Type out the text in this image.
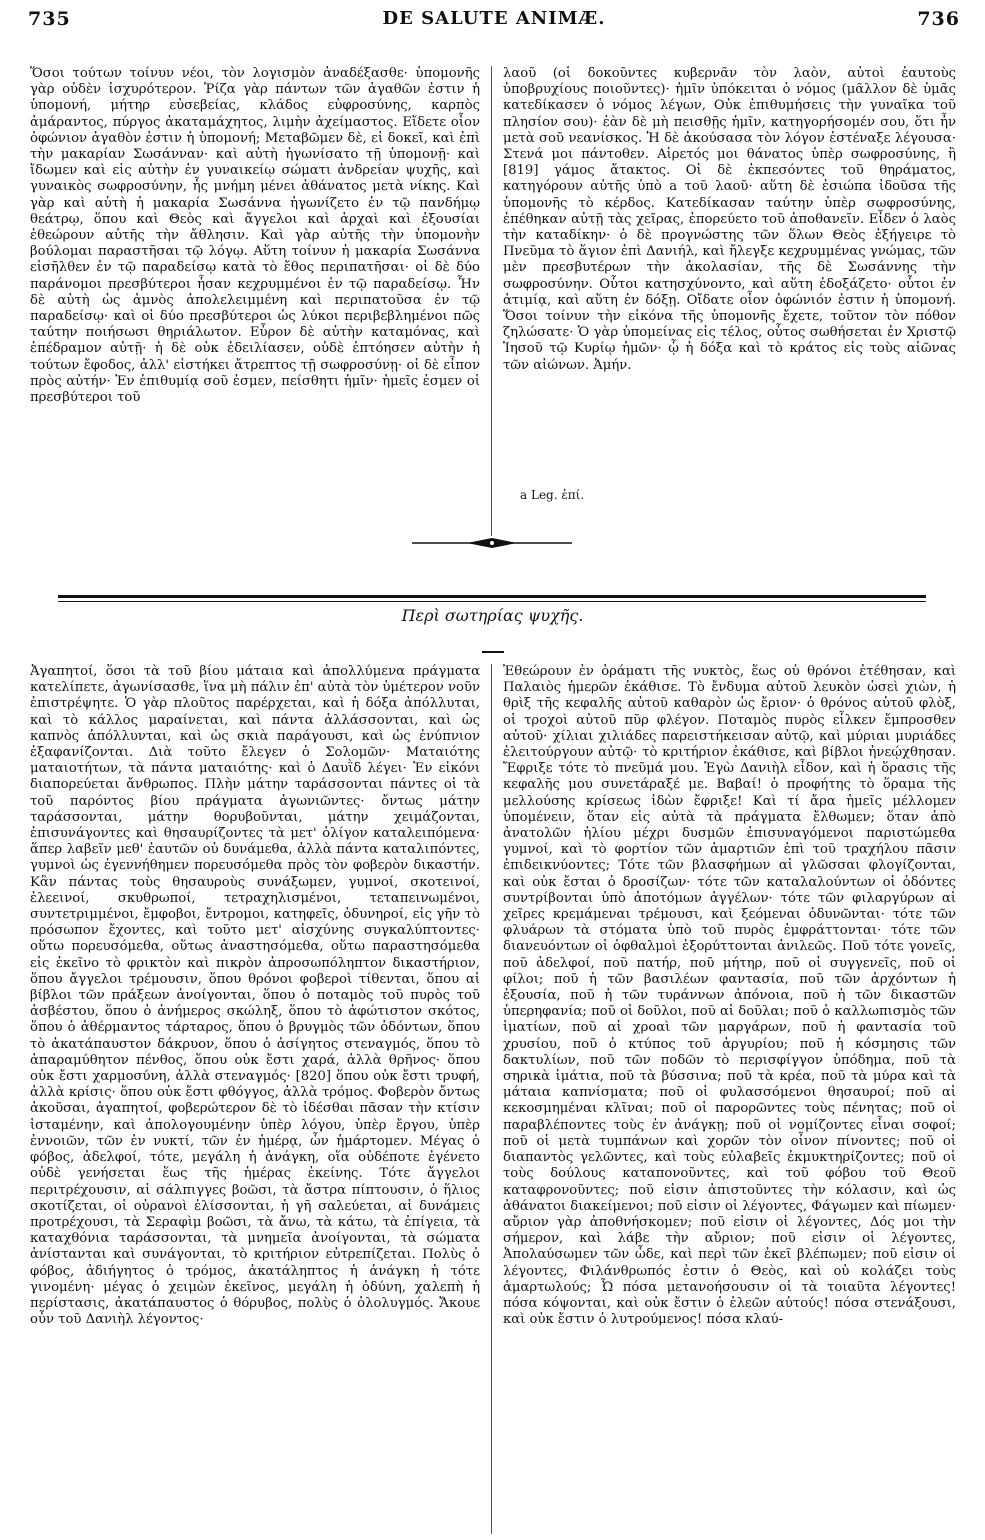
DE SALUTE ANIMÆ.
735	736

Ὅσοι τούτων τοίνυν νέοι, τὸν λογισμὸν ἀναδέξασθε· ὑπομονῆς γὰρ οὐδὲν ἰσχυρότερον. Ῥίζα γὰρ πάντων τῶν ἀγαθῶν ἐστιν ἡ ὑπομονή, μήτηρ εὐσεβείας, κλάδος εὐφροσύνης, καρπὸς ἀμάραντος, πύργος ἀκαταμάχητος, λιμὴν ἀχείμαστος. Εἴδετε οἷον ὀφώνιον ἀγαθὸν ἐστιν ἡ ὑπομονή; Μεταβῶμεν δὲ, εἰ δοκεῖ, καὶ ἐπὶ τὴν μακαρίαν Σωσάνναν· καὶ αὐτὴ ἠγωνίσατο τῇ ὑπομονῇ· καὶ ἴδωμεν καὶ εἰς αὐτὴν ἐν γυναικείῳ σώματι ἀνδρείαν ψυχῆς, καὶ γυναικὸς σωφροσύνην, ἧς μνήμη μένει ἀθάνατος μετὰ νίκης. Καὶ γὰρ καὶ αὐτὴ ἡ μακαρία Σωσάννα ἠγωνίζετο ἐν τῷ πανδήμῳ θεάτρῳ, ὅπου καὶ Θεὸς καὶ ἄγγελοι καὶ ἀρχαὶ καὶ ἐξουσίαι ἐθεώρουν αὐτῆς τὴν ἄθλησιν. Καὶ γὰρ αὐτῆς τὴν ὑπομονὴν βούλομαι παραστῆσαι τῷ λόγῳ. Αὕτη τοίνυν ἡ μακαρία Σωσάννα εἰσῆλθεν ἐν τῷ παραδείσῳ κατὰ τὸ ἔθος περιπατῆσαι· οἱ δὲ δύο παράνομοι πρεσβύτεροι ἦσαν κεχρυμμένοι ἐν τῷ παραδείσῳ. Ἦν δὲ αὐτὴ ὡς ἀμνὸς ἀπολελειμμένη καὶ περιπατοῦσα ἐν τῷ παραδείσῳ· καὶ οἱ δύο πρεσβύτεροι ὡς λύκοι περιβεβλημένοι πῶς ταύτην ποιήσωσι θηριάλωτον. Εὗρον δὲ αὐτὴν καταμόνας, καὶ ἐπέδραμον αὐτῇ· ἡ δὲ οὐκ ἐδειλίασεν, οὐδὲ ἐπτόησεν αὐτὴν ἡ τούτων ἔφοδος, ἀλλ' εἱστήκει ἄτρεπτος τῇ σωφροσύνῃ· οἱ δὲ εἶπον πρὸς αὐτήν· Ἐν ἐπιθυμίᾳ σοῦ ἐσμεν, πείσθητι ἡμῖν· ἡμεῖς ἐσμεν οἱ πρεσβύτεροι τοῦ

λαοῦ (οἱ δοκοῦντες κυβερνᾶν τὸν λαὸν, αὐτοὶ ἑαυτοὺς ὑποβρυχίους ποιοῦντες)· ἡμῖν ὑπόκειται ὁ νόμος (μᾶλλον δὲ ὑμᾶς κατεδίκασεν ὁ νόμος λέγων, Οὐκ ἐπιθυμήσεις τὴν γυναῖκα τοῦ πλησίον σου)· ἐὰν δὲ μὴ πεισθῇς ἡμῖν, κατηγορήσομέν σου, ὅτι ἦν μετὰ σοῦ νεανίσκος. Ἡ δὲ ἀκούσασα τὸν λόγον ἐστέναξε λέγουσα· Στενά μοι πάντοθεν. Αἱρετός μοι θάνατος ὑπὲρ σωφροσύνης, ἢ [819] γάμος ἄτακτος. Οἱ δὲ ἐκπεσόντες τοῦ θηράματος, κατηγόρουν αὐτῆς ὑπὸ a τοῦ λαοῦ· αὕτη δὲ ἐσιώπα ἰδοῦσα τῆς ὑπομονῆς τὸ κέρδος. Κατεδίκασαν ταύτην ὑπὲρ σωφροσύνης, ἐπέθηκαν αὐτῇ τὰς χεῖρας, ἐπορεύετο τοῦ ἀποθανεῖν. Εἶδεν ὁ λαὸς τὴν καταδίκην· ὁ δὲ προγνώστης τῶν ὅλων Θεὸς ἐξήγειρε τὸ Πνεῦμα τὸ ἅγιον ἐπὶ Δανιήλ, καὶ ἤλεγξε κεχρυμμένας γνώμας, τῶν μὲν πρεσβυτέρων τὴν ἀκολασίαν, τῆς δὲ Σωσάννης τὴν σωφροσύνην. Οὗτοι κατησχύνοντο, καὶ αὕτη ἐδοξάζετο· οὗτοι ἐν ἀτιμίᾳ, καὶ αὕτη ἐν δόξῃ. Οἴδατε οἷον ὀφώνιόν ἐστιν ἡ ὑπομονή. Ὅσοι τοίνυν τὴν εἰκόνα τῆς ὑπομονῆς ἔχετε, τοῦτον τὸν πόθον ζηλώσατε· Ὁ γὰρ ὑπομείνας εἰς τέλος, οὗτος σωθήσεται ἐν Χριστῷ Ἰησοῦ τῷ Κυρίῳ ἡμῶν· ᾧ ἡ δόξα καὶ τὸ κράτος εἰς τοὺς αἰῶνας τῶν αἰώνων. Ἀμήν.

a Leg. ἐπί.
Περὶ σωτηρίας ψυχῆς.

Ἀγαπητοί, ὅσοι τὰ τοῦ βίου μάταια καὶ ἀπολλύμενα πράγματα κατελίπετε, ἀγωνίσασθε, ἵνα μὴ πάλιν ἐπ' αὐτὰ τὸν ὑμέτερον νοῦν ἐπιστρέψητε. Ὁ γὰρ πλοῦτος παρέρχεται, καὶ ἡ δόξα ἀπόλλυται, καὶ τὸ κάλλος μαραίνεται, καὶ πάντα ἀλλάσσονται, καὶ ὡς καπνὸς ἀπόλλυνται, καὶ ὡς σκιὰ παράγουσι, καὶ ὡς ἐνύπνιον ἐξαφανίζονται. Διὰ τοῦτο ἔλεγεν ὁ Σολομῶν· Ματαιότης ματαιοτήτων, τὰ πάντα ματαιότης· καὶ ὁ Δαυῒδ λέγει· Ἐν εἰκόνι διαπορεύεται ἄνθρωπος. Πλὴν μάτην ταράσσονται πάντες οἱ τὰ τοῦ παρόντος βίου πράγματα ἀγωνιῶντες· ὄντως μάτην ταράσσονται, μάτην θορυβοῦνται, μάτην χειμάζονται, ἐπισυνάγοντες καὶ θησαυρίζοντες τὰ μετ' ὀλίγον καταλειπόμενα· ἅπερ λαβεῖν μεθ' ἑαυτῶν οὐ δυνάμεθα, ἀλλὰ πάντα καταλιπόντες, γυμνοὶ ὡς ἐγεννήθημεν πορευσόμεθα πρὸς τὸν φοβερὸν δικαστήν. Κἂν πάντας τοὺς θησαυροὺς συνάξωμεν, γυμνοί, σκοτεινοί, ἐλεεινοί, σκυθρωποί, τετραχηλισμένοι, τεταπεινωμένοι, συντετριμμένοι, ἔμφοβοι, ἔντρομοι, κατηφεῖς, ὀδυνηροί, εἰς γῆν τὸ πρόσωπον ἔχοντες, καὶ τοῦτο μετ' αἰσχύνης συγκαλύπτοντες· οὕτω πορευσόμεθα, οὕτως ἀναστησόμεθα, οὕτω παραστησόμεθα εἰς ἐκεῖνο τὸ φρικτὸν καὶ πικρὸν ἀπροσωπόληπτον δικαστήριον, ὅπου ἄγγελοι τρέμουσιν, ὅπου θρόνοι φοβεροὶ τίθενται, ὅπου αἱ βίβλοι τῶν πράξεων ἀνοίγονται, ὅπου ὁ ποταμὸς τοῦ πυρὸς τοῦ ἀσβέστου, ὅπου ὁ ἀνήμερος σκώληξ, ὅπου τὸ ἀφώτιστον σκότος, ὅπου ὁ ἀθέρμαντος τάρταρος, ὅπου ὁ βρυγμὸς τῶν ὀδόντων, ὅπου τὸ ἀκατάπαυστον δάκρυον, ὅπου ὁ ἀσίγητος στεναγμός, ὅπου τὸ ἀπαραμύθητον πένθος, ὅπου οὐκ ἔστι χαρά, ἀλλὰ θρῆνος· ὅπου οὐκ ἔστι χαρμοσύνη, ἀλλὰ στεναγμός· [820] ὅπου οὐκ ἔστι τρυφή, ἀλλὰ κρίσις· ὅπου οὐκ ἔστι φθόγγος, ἀλλὰ τρόμος. Φοβερὸν ὄντως ἀκοῦσαι, ἀγαπητοί, φοβερώτερον δὲ τὸ ἰδέσθαι πᾶσαν τὴν κτίσιν ἱσταμένην, καὶ ἀπολογουμένην ὑπὲρ λόγου, ὑπὲρ ἔργου, ὑπὲρ ἐννοιῶν, τῶν ἐν νυκτί, τῶν ἐν ἡμέρᾳ, ὧν ἡμάρτομεν. Μέγας ὁ φόβος, ἀδελφοί, τότε, μεγάλη ἡ ἀνάγκη, οἵα οὐδέποτε ἐγένετο οὐδὲ γενήσεται ἕως τῆς ἡμέρας ἐκείνης. Τότε ἄγγελοι περιτρέχουσιν, αἱ σάλπιγγες βοῶσι, τὰ ἄστρα πίπτουσιν, ὁ ἥλιος σκοτίζεται, οἱ οὐρανοὶ ἑλίσσονται, ἡ γῆ σαλεύεται, αἱ δυνάμεις προτρέχουσι, τὰ Σεραφὶμ βοῶσι, τὰ ἄνω, τὰ κάτω, τὰ ἐπίγεια, τὰ καταχθόνια ταράσσονται, τὰ μνημεῖα ἀνοίγονται, τὰ σώματα ἀνίστανται καὶ συνάγονται, τὸ κριτήριον εὐτρεπίζεται. Πολὺς ὁ φόβος, ἀδιήγητος ὁ τρόμος, ἀκατάληπτος ἡ ἀνάγκη ἡ τότε γινομένη· μέγας ὁ χειμὼν ἐκεῖνος, μεγάλη ἡ ὀδύνη, χαλεπὴ ἡ περίστασις, ἀκατάπαυστος ὁ θόρυβος, πολὺς ὁ ὀλολυγμός. Ἄκουε οὖν τοῦ Δανιὴλ λέγοντος·

Ἐθεώρουν ἐν ὁράματι τῆς νυκτὸς, ἕως οὗ θρόνοι ἐτέθησαν, καὶ Παλαιὸς ἡμερῶν ἐκάθισε. Τὸ ἔνδυμα αὐτοῦ λευκὸν ὡσεὶ χιὼν, ἡ θρὶξ τῆς κεφαλῆς αὐτοῦ καθαρὸν ὡς ἔριον· ὁ θρόνος αὐτοῦ φλὸξ, οἱ τροχοὶ αὐτοῦ πῦρ φλέγον. Ποταμὸς πυρὸς εἷλκεν ἔμπροσθεν αὐτοῦ· χίλιαι χιλιάδες παρειστήκεισαν αὐτῷ, καὶ μύριαι μυριάδες ἐλειτούργουν αὐτῷ· τὸ κριτήριον ἐκάθισε, καὶ βίβλοι ἠνεῴχθησαν. Ἔφριξε τότε τὸ πνεῦμά μου. Ἐγὼ Δανιὴλ εἶδον, καὶ ἡ ὅρασις τῆς κεφαλῆς μου συνετάραξέ με. Βαβαί! ὁ προφήτης τὸ ὅραμα τῆς μελλούσης κρίσεως ἰδὼν ἔφριξε! Καὶ τί ἄρα ἡμεῖς μέλλομεν ὑπομένειν, ὅταν εἰς αὐτὰ τὰ πράγματα ἔλθωμεν; ὅταν ἀπὸ ἀνατολῶν ἡλίου μέχρι δυσμῶν ἐπισυναγόμενοι παριστώμεθα γυμνοί, καὶ τὸ φορτίον τῶν ἁμαρτιῶν ἐπὶ τοῦ τραχήλου πᾶσιν ἐπιδεικνύοντες; Τότε τῶν βλασφήμων αἱ γλῶσσαι φλογίζονται, καὶ οὐκ ἔσται ὁ δροσίζων· τότε τῶν καταλαλούντων οἱ ὀδόντες συντρίβονται ὑπὸ ἀποτόμων ἀγγέλων· τότε τῶν φιλαργύρων αἱ χεῖρες κρεμάμεναι τρέμουσι, καὶ ξεόμεναι ὀδυνῶνται· τότε τῶν φλυάρων τὰ στόματα ὑπὸ τοῦ πυρὸς ἐμφράττονται· τότε τῶν διανευόντων οἱ ὀφθαλμοὶ ἐξορύττονται ἀνιλεῶς. Ποῦ τότε γονεῖς, ποῦ ἀδελφοί, ποῦ πατήρ, ποῦ μήτηρ, ποῦ οἱ συγγενεῖς, ποῦ οἱ φίλοι; ποῦ ἡ τῶν βασιλέων φαντασία, ποῦ τῶν ἀρχόντων ἡ ἐξουσία, ποῦ ἡ τῶν τυράννων ἀπόνοια, ποῦ ἡ τῶν δικαστῶν ὑπερηφανία; ποῦ οἱ δοῦλοι, ποῦ αἱ δοῦλαι; ποῦ ὁ καλλωπισμὸς τῶν ἱματίων, ποῦ αἱ χροαὶ τῶν μαργάρων, ποῦ ἡ φαντασία τοῦ χρυσίου, ποῦ ὁ κτύπος τοῦ ἀργυρίου; ποῦ ἡ κόσμησις τῶν δακτυλίων, ποῦ τῶν ποδῶν τὸ περισφίγγον ὑπόδημα, ποῦ τὰ σηρικὰ ἱμάτια, ποῦ τὰ βύσσινα; ποῦ τὰ κρέα, ποῦ τὰ μύρα καὶ τὰ μάταια καπνίσματα; ποῦ οἱ φυλασσόμενοι θησαυροί; ποῦ αἱ κεκοσμημέναι κλῖναι; ποῦ οἱ παρορῶντες τοὺς πένητας; ποῦ οἱ παραβλέποντες τοὺς ἐν ἀνάγκῃ; ποῦ οἱ νομίζοντες εἶναι σοφοί; ποῦ οἱ μετὰ τυμπάνων καὶ χορῶν τὸν οἶνον πίνοντες; ποῦ οἱ διαπαντὸς γελῶντες, καὶ τοὺς εὐλαβεῖς ἐκμυκτηρίζοντες; ποῦ οἱ τοὺς δούλους καταπονοῦντες, καὶ τοῦ φόβου τοῦ Θεοῦ καταφρονοῦντες; ποῦ εἰσιν ἀπιστοῦντες τὴν κόλασιν, καὶ ὡς ἀθάνατοι διακείμενοι; ποῦ εἰσιν οἱ λέγοντες, Φάγωμεν καὶ πίωμεν· αὔριον γὰρ ἀποθνήσκομεν; ποῦ εἰσιν οἱ λέγοντες, Δός μοι τὴν σήμερον, καὶ λάβε τὴν αὔριον; ποῦ εἰσιν οἱ λέγοντες, Ἀπολαύσωμεν τῶν ὧδε, καὶ περὶ τῶν ἐκεῖ βλέπωμεν; ποῦ εἰσιν οἱ λέγοντες, Φιλάνθρωπός ἐστιν ὁ Θεὸς, καὶ οὐ κολάζει τοὺς ἁμαρτωλούς; Ὦ πόσα μετανοήσουσιν οἱ τὰ τοιαῦτα λέγοντες! πόσα κόψονται, καὶ οὐκ ἔστιν ὁ ἐλεῶν αὐτούς! πόσα στενάξουσι, καὶ οὐκ ἔστιν ὁ λυτρούμενος! πόσα κλαύ-
